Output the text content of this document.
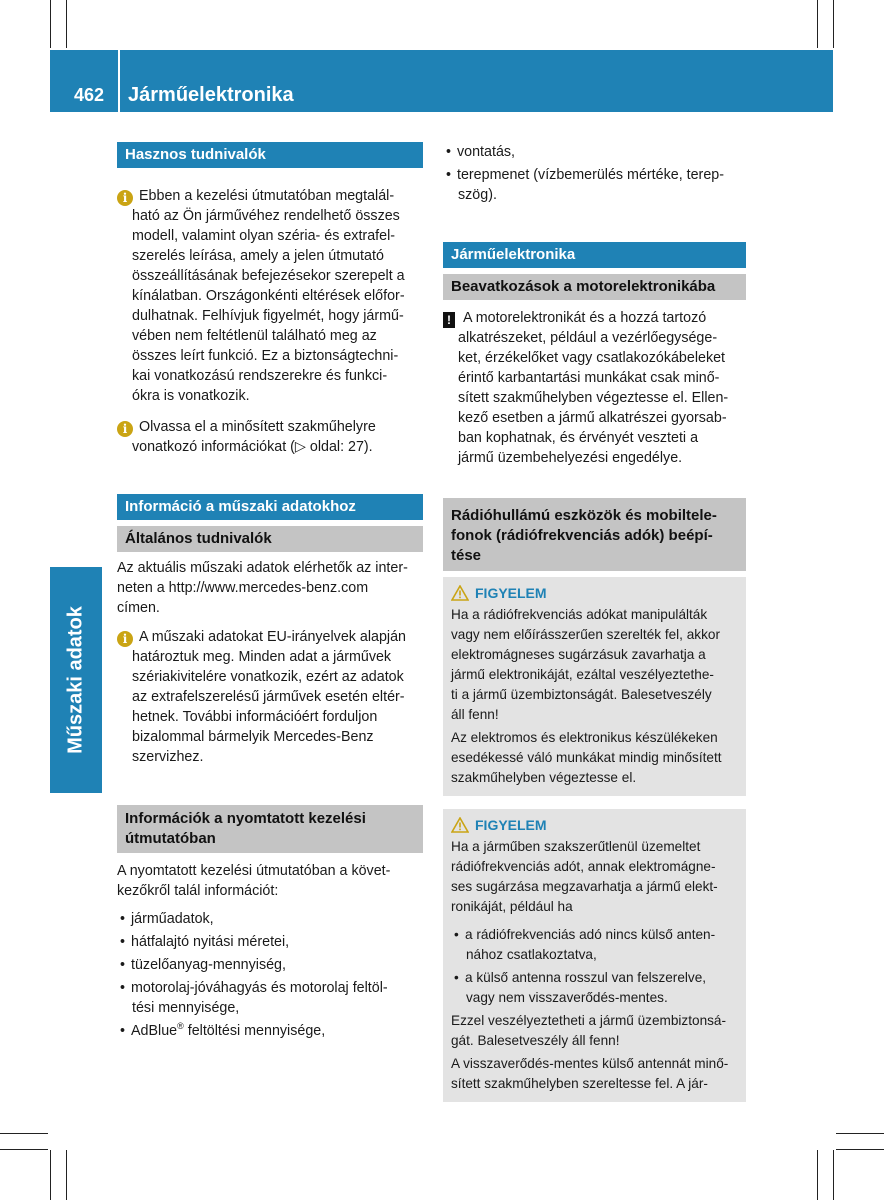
462 Járműelektronika
Műszaki adatok
Hasznos tudnivalók

i Ebben a kezelési útmutatóban megtalál-

ható az Ön járművéhez rendelhető összes

modell, valamint olyan széria- és extrafel-

szerelés leírása, amely a jelen útmutató

összeállításának befejezésekor szerepelt a

kínálatban. Országonkénti eltérések előfor-

dulhatnak. Felhívjuk figyelmét, hogy jármű-

vében nem feltétlenül található meg az

összes leírt funkció. Ez a biztonságtechni-

kai vonatkozású rendszerekre és funkci-

ókra is vonatkozik.

i Olvassa el a minősített szakműhelyre

vonatkozó információkat (▷ oldal: 27).

Információ a műszaki adatokhoz
Általános tudnivalók

Az aktuális műszaki adatok elérhetők az inter-

neten a http://www.mercedes-benz.com

címen.

i A műszaki adatokat EU-irányelvek alapján

határoztuk meg. Minden adat a járművek

szériakivitelére vonatkozik, ezért az adatok

az extrafelszerelésű járművek esetén eltér-

hetnek. További információért forduljon

bizalommal bármelyik Mercedes-Benz

szervizhez.

Információk a nyomtatott kezelési útmutatóban

A nyomtatott kezelési útmutatóban a követ-

kezőkről talál információt:

• járműadatok,

• hátfalajtó nyitási méretei,

• tüzelőanyag-mennyiség,

• motorolaj-jóváhagyás és motorolaj feltöl-

tési mennyisége,

• AdBlue® feltöltési mennyisége,

• vontatás,

• terepmenet (vízbemerülés mértéke, terep-

szög).

Járműelektronika
Beavatkozások a motorelektronikába

! A motorelektronikát és a hozzá tartozó

alkatrészeket, például a vezérlőegysége-

ket, érzékelőket vagy csatlakozókábeleket

érintő karbantartási munkákat csak minő-

sített szakműhelyben végeztesse el. Ellen-

kező esetben a jármű alkatrészei gyorsab-

ban kophatnak, és érvényét veszteti a

jármű üzembehelyezési engedélye.

Rádióhullámú eszközök és mobiltele-
fonok (rádiófrekvenciás adók) beépí-
tése
FIGYELEM

Ha a rádiófrekvenciás adókat manipulálták

vagy nem előírásszerűen szerelték fel, akkor

elektromágneses sugárzásuk zavarhatja a

jármű elektronikáját, ezáltal veszélyeztethe-

ti a jármű üzembiztonságát. Balesetveszély

áll fenn!

Az elektromos és elektronikus készülékeken

esedékessé váló munkákat mindig minősített

szakműhelyben végeztesse el.

FIGYELEM

Ha a járműben szakszerűtlenül üzemeltet

rádiófrekvenciás adót, annak elektromágne-

ses sugárzása megzavarhatja a jármű elekt-

ronikáját, például ha

• a rádiófrekvenciás adó nincs külső anten-

nához csatlakoztatva,

• a külső antenna rosszul van felszerelve,

vagy nem visszaverődés-mentes.

Ezzel veszélyeztetheti a jármű üzembiztonsá-

gát. Balesetveszély áll fenn!

A visszaverődés-mentes külső antennát minő-

sített szakműhelyben szereltesse fel. A jár-
